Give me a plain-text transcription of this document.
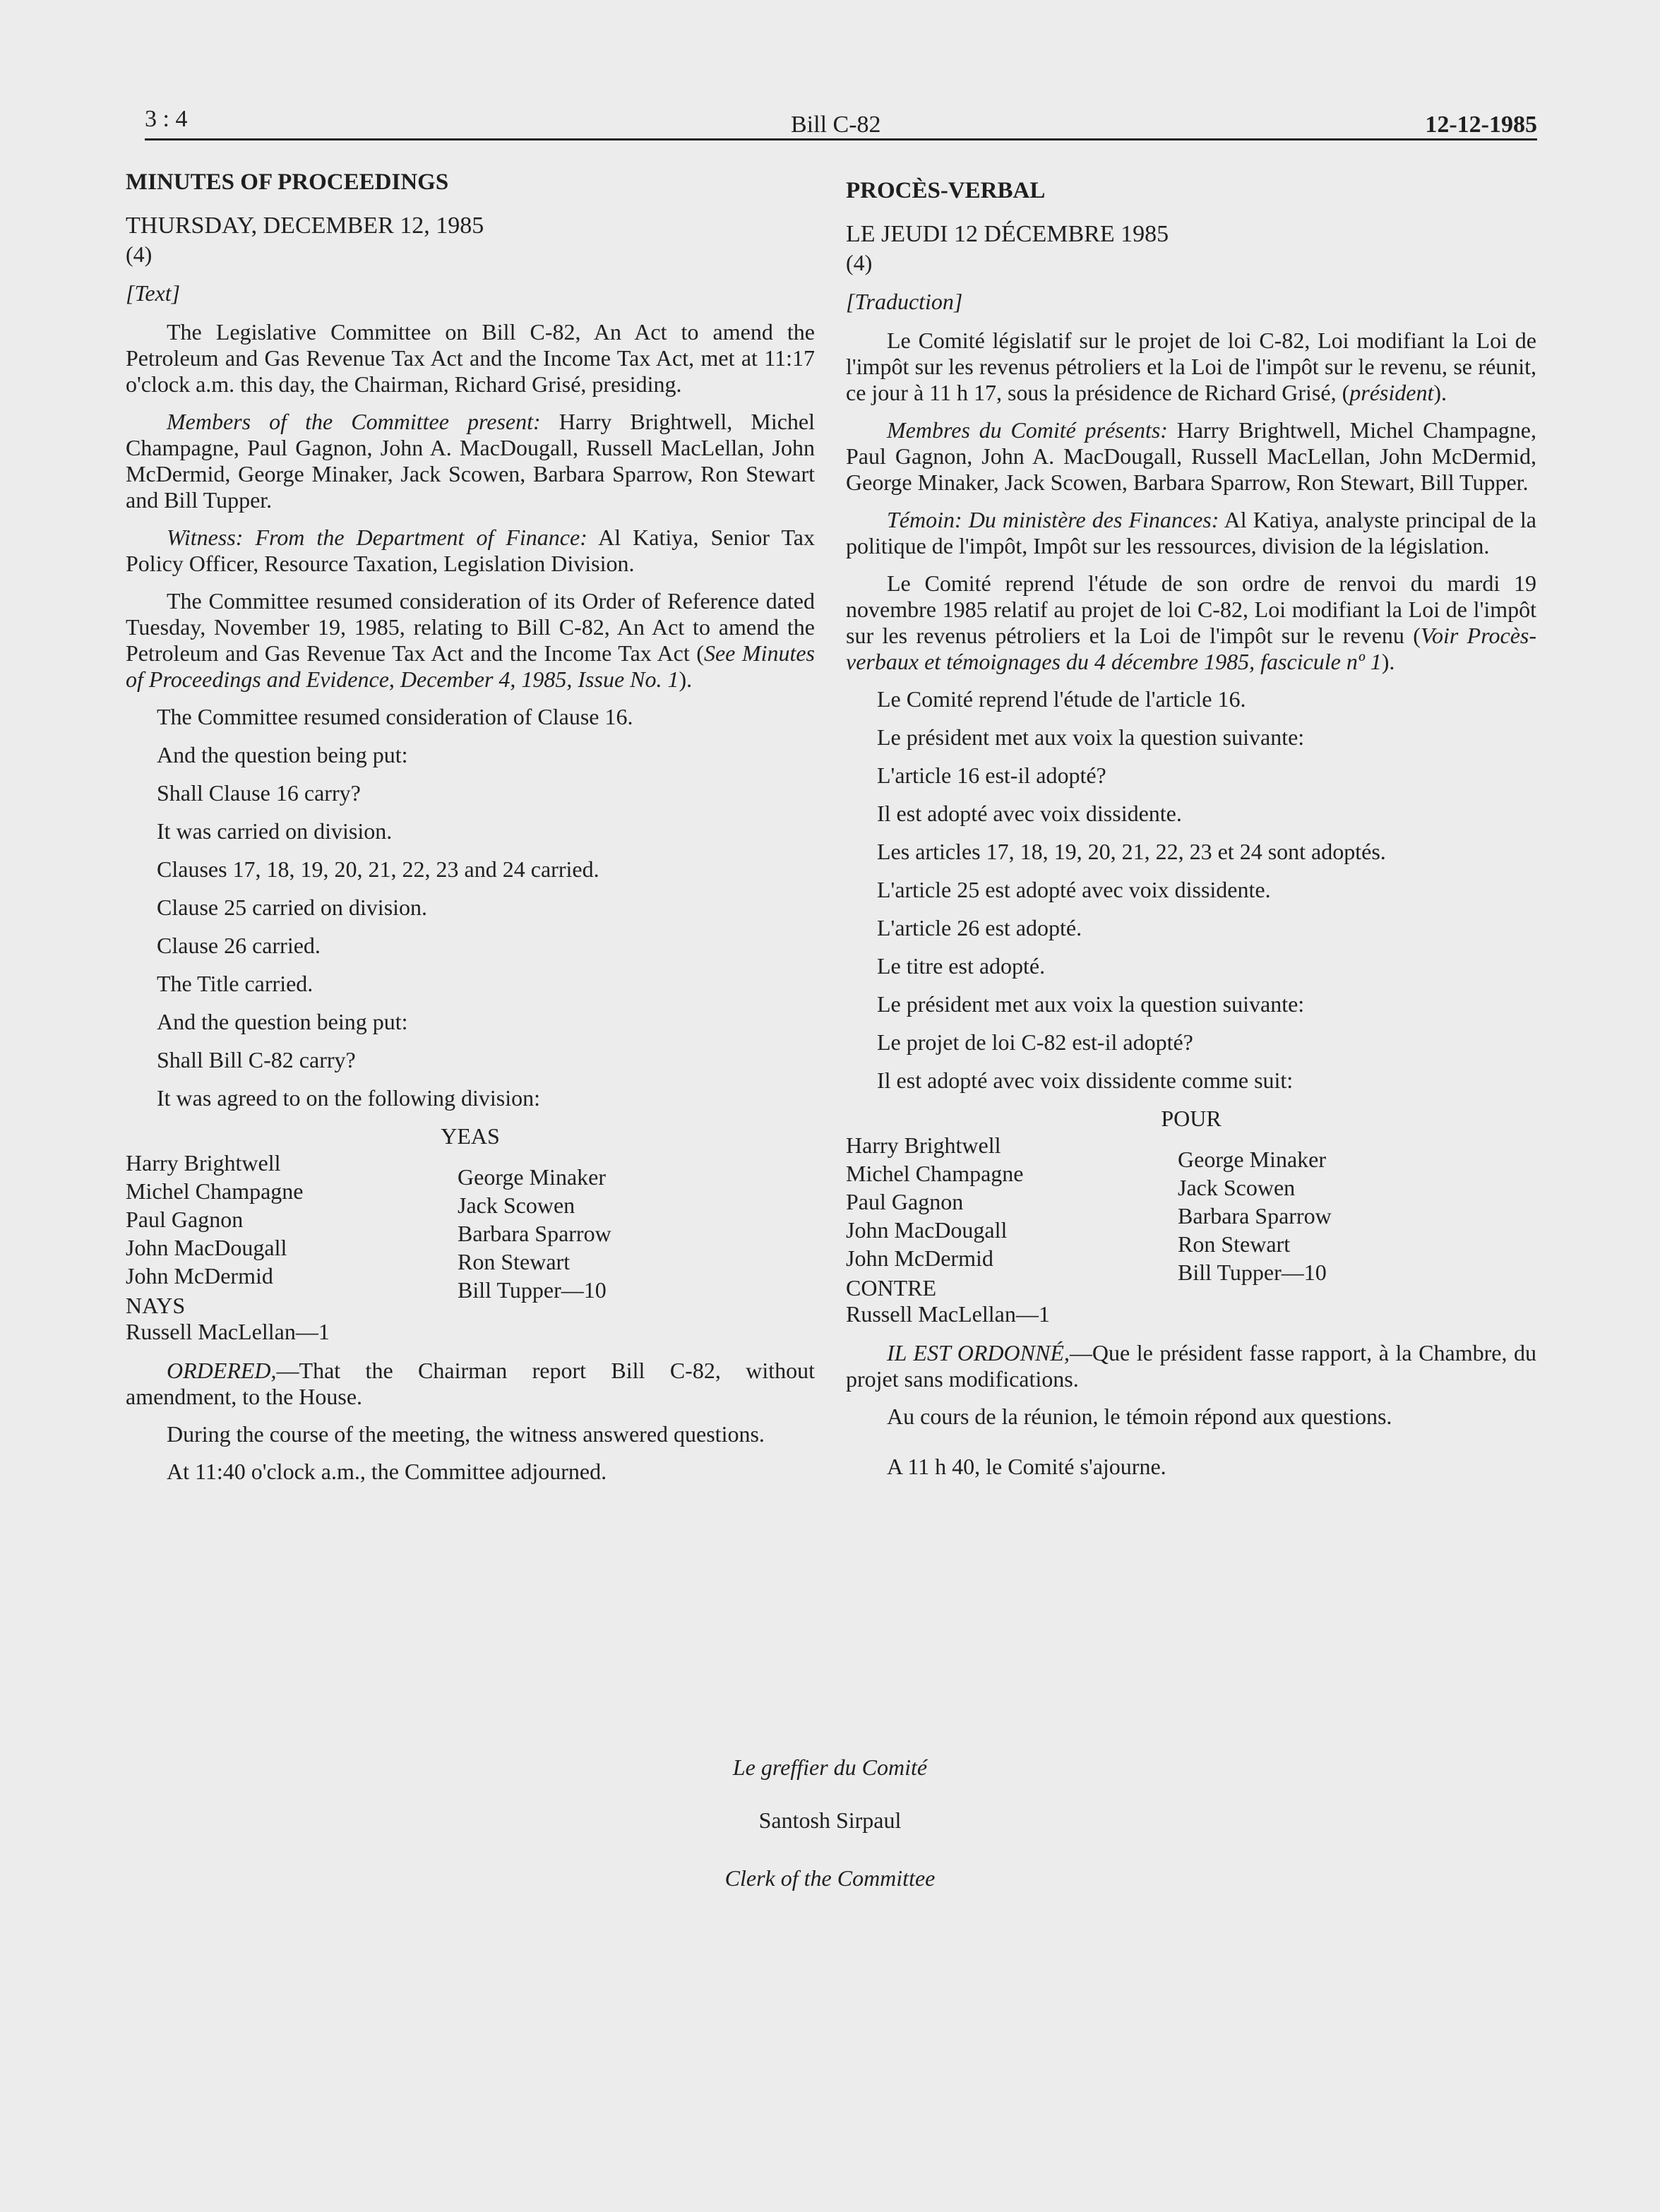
3 : 4	Bill C-82	12-12-1985

MINUTES OF PROCEEDINGS

THURSDAY, DECEMBER 12, 1985

(4)

[Text]

The Legislative Committee on Bill C-82, An Act to amend the Petroleum and Gas Revenue Tax Act and the Income Tax Act, met at 11:17 o'clock a.m. this day, the Chairman, Richard Grisé, presiding.

Members of the Committee present: Harry Brightwell, Michel Champagne, Paul Gagnon, John A. MacDougall, Russell MacLellan, John McDermid, George Minaker, Jack Scowen, Barbara Sparrow, Ron Stewart and Bill Tupper.

Witness: From the Department of Finance: Al Katiya, Senior Tax Policy Officer, Resource Taxation, Legislation Division.

The Committee resumed consideration of its Order of Reference dated Tuesday, November 19, 1985, relating to Bill C-82, An Act to amend the Petroleum and Gas Revenue Tax Act and the Income Tax Act (See Minutes of Proceedings and Evidence, December 4, 1985, Issue No. 1).

The Committee resumed consideration of Clause 16.

And the question being put:

Shall Clause 16 carry?

It was carried on division.

Clauses 17, 18, 19, 20, 21, 22, 23 and 24 carried.

Clause 25 carried on division.

Clause 26 carried.

The Title carried.

And the question being put:

Shall Bill C-82 carry?

It was agreed to on the following division:

YEAS
Harry Brightwell
Michel Champagne
Paul Gagnon
John MacDougall
John McDermid
George Minaker
Jack Scowen
Barbara Sparrow
Ron Stewart
Bill Tupper—10

NAYS

Russell MacLellan—1

ORDERED,—That the Chairman report Bill C-82, without amendment, to the House.

During the course of the meeting, the witness answered questions.

At 11:40 o'clock a.m., the Committee adjourned.

PROCÈS-VERBAL

LE JEUDI 12 DÉCEMBRE 1985

(4)

[Traduction]

Le Comité législatif sur le projet de loi C-82, Loi modifiant la Loi de l'impôt sur les revenus pétroliers et la Loi de l'impôt sur le revenu, se réunit, ce jour à 11 h 17, sous la présidence de Richard Grisé, (président).

Membres du Comité présents: Harry Brightwell, Michel Champagne, Paul Gagnon, John A. MacDougall, Russell MacLellan, John McDermid, George Minaker, Jack Scowen, Barbara Sparrow, Ron Stewart, Bill Tupper.

Témoin: Du ministère des Finances: Al Katiya, analyste principal de la politique de l'impôt, Impôt sur les ressources, division de la législation.

Le Comité reprend l'étude de son ordre de renvoi du mardi 19 novembre 1985 relatif au projet de loi C-82, Loi modifiant la Loi de l'impôt sur les revenus pétroliers et la Loi de l'impôt sur le revenu (Voir Procès-verbaux et témoignages du 4 décembre 1985, fascicule nº 1).

Le Comité reprend l'étude de l'article 16.

Le président met aux voix la question suivante:

L'article 16 est-il adopté?

Il est adopté avec voix dissidente.

Les articles 17, 18, 19, 20, 21, 22, 23 et 24 sont adoptés.

L'article 25 est adopté avec voix dissidente.

L'article 26 est adopté.

Le titre est adopté.

Le président met aux voix la question suivante:

Le projet de loi C-82 est-il adopté?

Il est adopté avec voix dissidente comme suit:

POUR
Harry Brightwell
Michel Champagne
Paul Gagnon
John MacDougall
John McDermid
George Minaker
Jack Scowen
Barbara Sparrow
Ron Stewart
Bill Tupper—10

CONTRE

Russell MacLellan—1

IL EST ORDONNÉ,—Que le président fasse rapport, à la Chambre, du projet sans modifications.

Au cours de la réunion, le témoin répond aux questions.

A 11 h 40, le Comité s'ajourne.

Le greffier du Comité
Santosh Sirpaul
Clerk of the Committee
